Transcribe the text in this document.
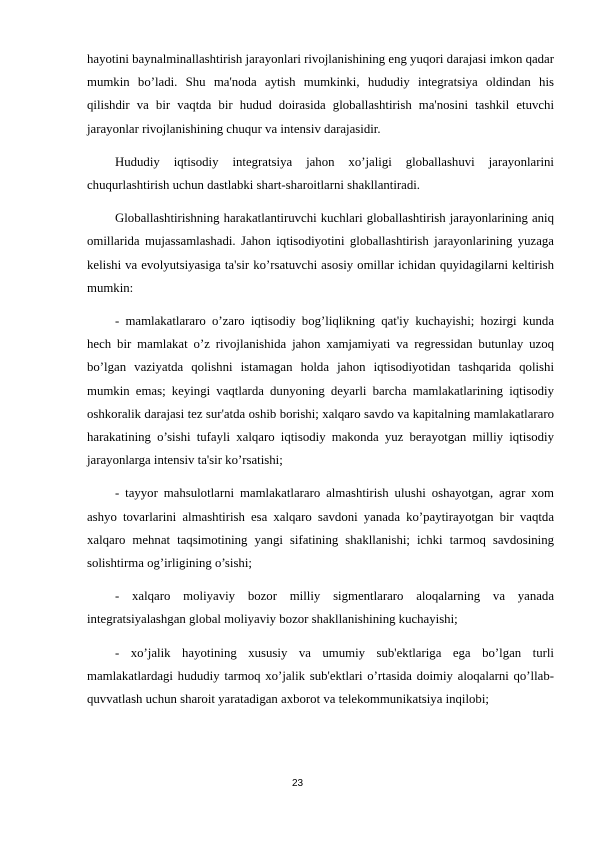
hayotini baynalminallashtirish jarayonlari rivojlanishining eng yuqori darajasi imkon qadar mumkin bo’ladi. Shu ma'noda aytish mumkinki, hududiy integratsiya oldindan his qilishdir va bir vaqtda bir hudud doirasida globallashtirish ma'nosini tashkil etuvchi jarayonlar rivojlanishining chuqur va intensiv darajasidir.

Hududiy iqtisodiy integratsiya jahon xo’jaligi globallashuvi jarayonlarini chuqurlashtirish uchun dastlabki shart-sharoitlarni shakllantiradi.

Globallashtirishning harakatlantiruvchi kuchlari globallashtirish jarayonlarining aniq omillarida mujassamlashadi. Jahon iqtisodiyotini globallashtirish jarayonlarining yuzaga kelishi va evolyutsiyasiga ta'sir ko’rsatuvchi asosiy omillar ichidan quyidagilarni keltirish mumkin:

- mamlakatlararo o’zaro iqtisodiy bog’liqlikning qat'iy kuchayishi; hozirgi kunda hech bir mamlakat o’z rivojlanishida jahon xamjamiyati va regressidan butunlay uzoq bo’lgan vaziyatda qolishni istamagan holda jahon iqtisodiyotidan tashqarida qolishi mumkin emas; keyingi vaqtlarda dunyoning deyarli barcha mamlakatlarining iqtisodiy oshkoralik darajasi tez sur'atda oshib borishi; xalqaro savdo va kapitalning mamlakatlararo harakatining o’sishi tufayli xalqaro iqtisodiy makonda yuz berayotgan milliy iqtisodiy jarayonlarga intensiv ta'sir ko’rsatishi;

- tayyor mahsulotlarni mamlakatlararo almashtirish ulushi oshayotgan, agrar xom ashyo tovarlarini almashtirish esa xalqaro savdoni yanada ko’paytirayotgan bir vaqtda xalqaro mehnat taqsimotining yangi sifatining shakllanishi; ichki tarmoq savdosining solishtirma og’irligining o’sishi;

- xalqaro moliyaviy bozor milliy sigmentlararo aloqalarning va yanada integratsiyalashgan global moliyaviy bozor shakllanishining kuchayishi;

- xo’jalik hayotining xususiy va umumiy sub'ektlariga ega bo’lgan turli mamlakatlardagi hududiy tarmoq xo’jalik sub'ektlari o’rtasida doimiy aloqalarni qo’llab-quvvatlash uchun sharoit yaratadigan axborot va telekommunikatsiya inqilobi;

23
